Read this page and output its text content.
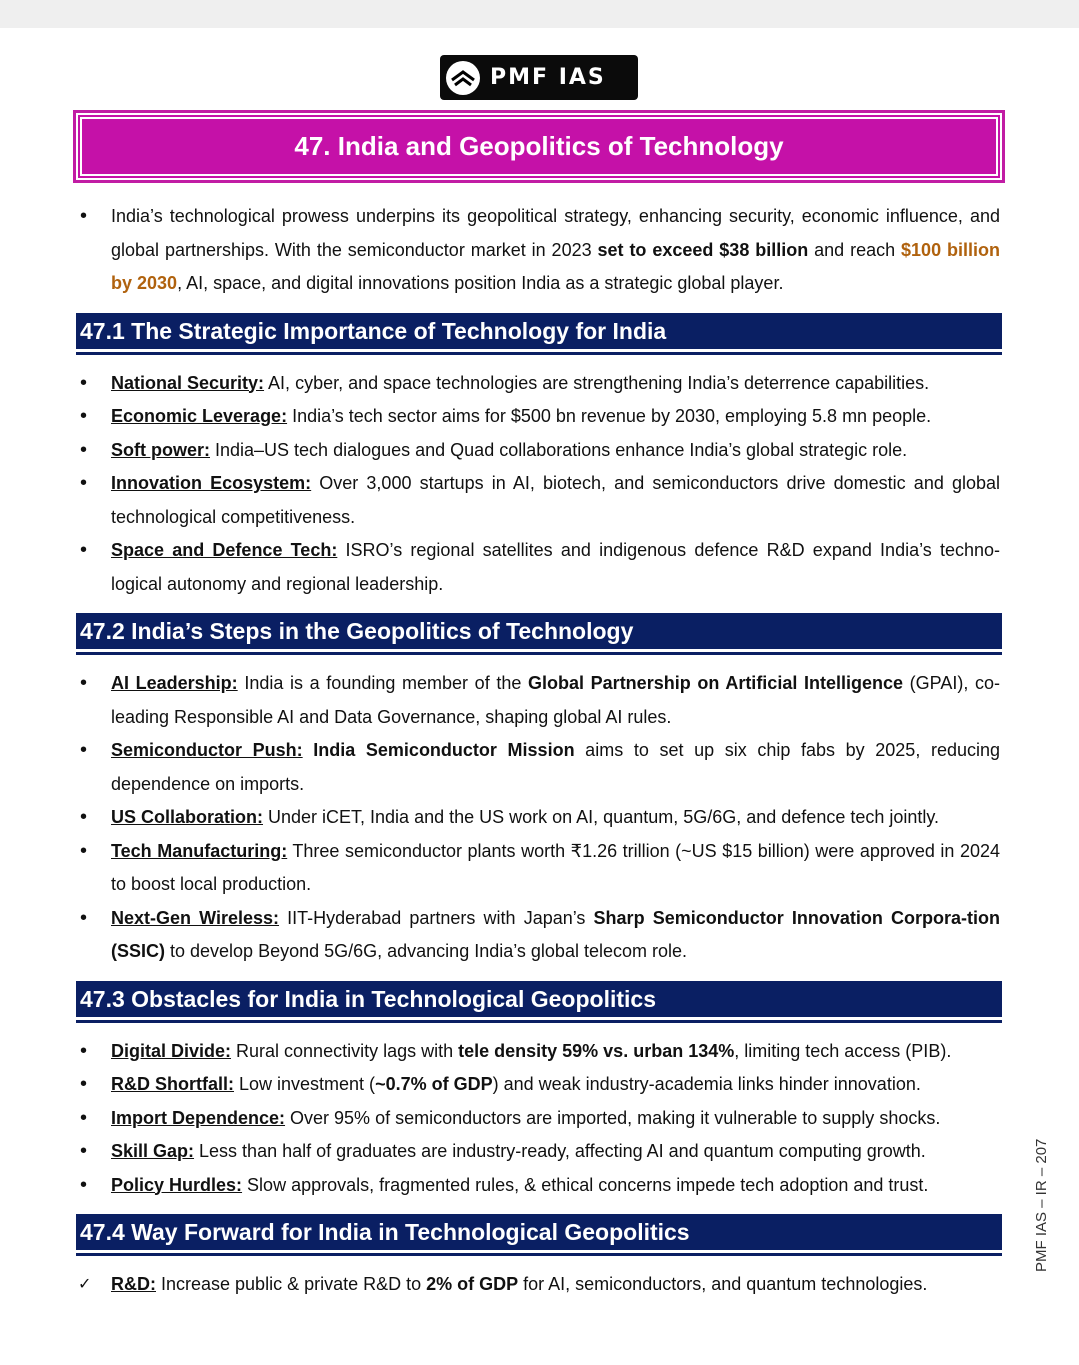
PMF IAS
47. India and Geopolitics of Technology
• India’s technological prowess underpins its geopolitical strategy, enhancing security, economic influence, and global partnerships. With the semiconductor market in 2023 set to exceed $38 billion and reach $100 billion by 2030, AI, space, and digital innovations position India as a strategic global player.
47.1 The Strategic Importance of Technology for India
• National Security: AI, cyber, and space technologies are strengthening India’s deterrence capabilities.
• Economic Leverage: India’s tech sector aims for $500 bn revenue by 2030, employing 5.8 mn people.
• Soft power: India–US tech dialogues and Quad collaborations enhance India’s global strategic role.
• Innovation Ecosystem: Over 3,000 startups in AI, biotech, and semiconductors drive domestic and global technological competitiveness.
• Space and Defence Tech: ISRO’s regional satellites and indigenous defence R&D expand India’s techno-logical autonomy and regional leadership.
47.2 India’s Steps in the Geopolitics of Technology
• AI Leadership: India is a founding member of the Global Partnership on Artificial Intelligence (GPAI), co-leading Responsible AI and Data Governance, shaping global AI rules.
• Semiconductor Push: India Semiconductor Mission aims to set up six chip fabs by 2025, reducing dependence on imports.
• US Collaboration: Under iCET, India and the US work on AI, quantum, 5G/6G, and defence tech jointly.
• Tech Manufacturing: Three semiconductor plants worth ₹1.26 trillion (~US $15 billion) were approved in 2024 to boost local production.
• Next-Gen Wireless: IIT-Hyderabad partners with Japan’s Sharp Semiconductor Innovation Corpora-tion (SSIC) to develop Beyond 5G/6G, advancing India’s global telecom role.
47.3 Obstacles for India in Technological Geopolitics
• Digital Divide: Rural connectivity lags with tele density 59% vs. urban 134%, limiting tech access (PIB).
• R&D Shortfall: Low investment (~0.7% of GDP) and weak industry-academia links hinder innovation.
• Import Dependence: Over 95% of semiconductors are imported, making it vulnerable to supply shocks.
• Skill Gap: Less than half of graduates are industry-ready, affecting AI and quantum computing growth.
• Policy Hurdles: Slow approvals, fragmented rules, & ethical concerns impede tech adoption and trust.
47.4 Way Forward for India in Technological Geopolitics
✓ R&D: Increase public & private R&D to 2% of GDP for AI, semiconductors, and quantum technologies.
PMF IAS – IR – 207
